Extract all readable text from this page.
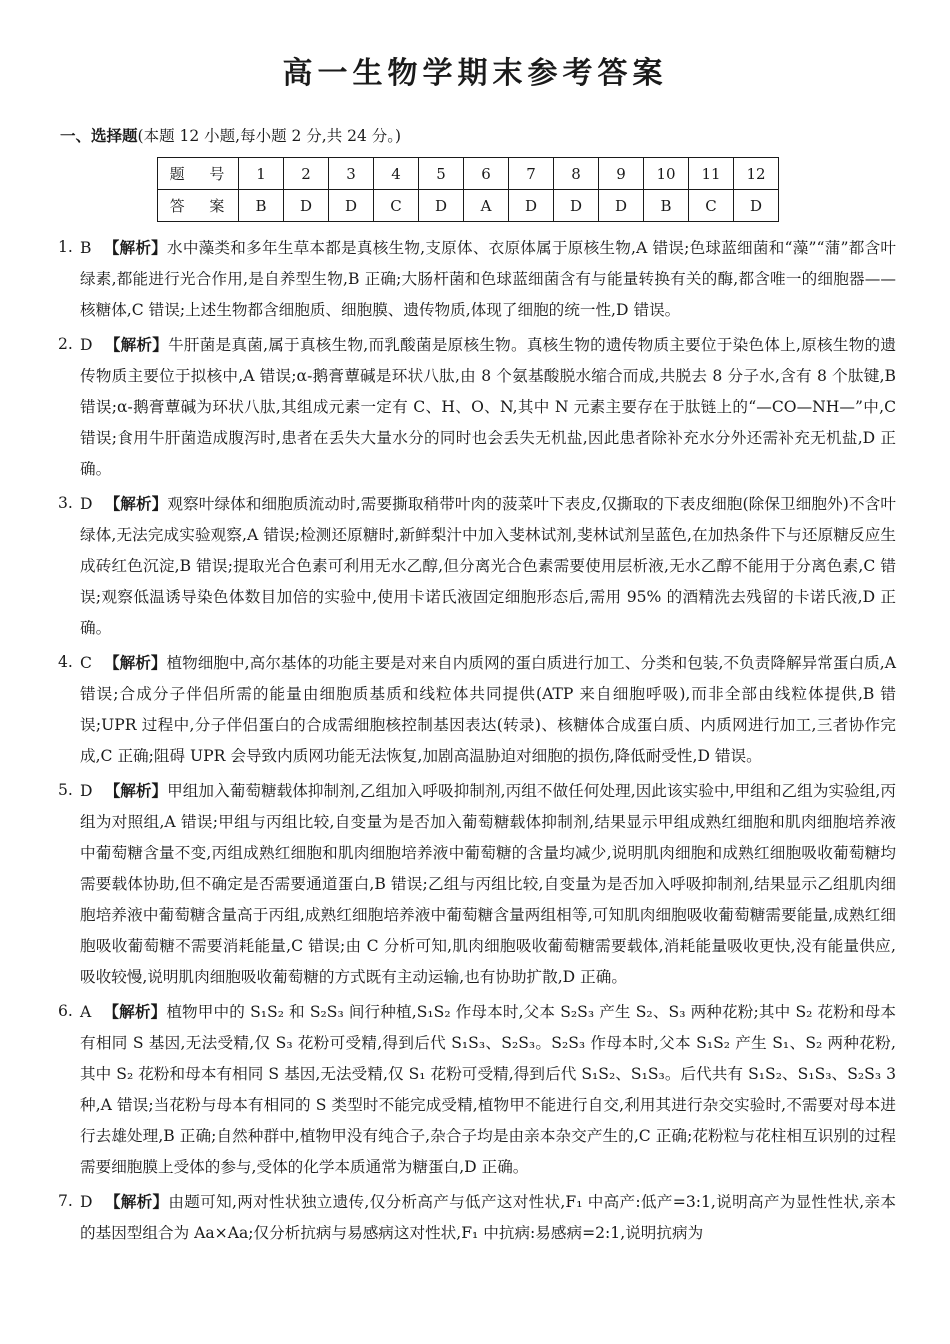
高一生物学期末参考答案
一、选择题(本题 12 小题,每小题 2 分,共 24 分。)
题 号	1	2	3	4	5	6	7	8	9	10	11	12
答 案	B	D	D	C	D	A	D	D	D	B	C	D
1. B 【解析】水中藻类和多年生草本都是真核生物,支原体、衣原体属于原核生物,A 错误;色球蓝细菌和“藻”“蒲”都含叶绿素,都能进行光合作用,是自养型生物,B 正确;大肠杆菌和色球蓝细菌含有与能量转换有关的酶,都含唯一的细胞器——核糖体,C 错误;上述生物都含细胞质、细胞膜、遗传物质,体现了细胞的统一性,D 错误。
2. D 【解析】牛肝菌是真菌,属于真核生物,而乳酸菌是原核生物。真核生物的遗传物质主要位于染色体上,原核生物的遗传物质主要位于拟核中,A 错误;α-鹅膏蕈碱是环状八肽,由 8 个氨基酸脱水缩合而成,共脱去 8 分子水,含有 8 个肽键,B 错误;α-鹅膏蕈碱为环状八肽,其组成元素一定有 C、H、O、N,其中 N 元素主要存在于肽链上的“—CO—NH—”中,C 错误;食用牛肝菌造成腹泻时,患者在丢失大量水分的同时也会丢失无机盐,因此患者除补充水分外还需补充无机盐,D 正确。
3. D 【解析】观察叶绿体和细胞质流动时,需要撕取稍带叶肉的菠菜叶下表皮,仅撕取的下表皮细胞(除保卫细胞外)不含叶绿体,无法完成实验观察,A 错误;检测还原糖时,新鲜梨汁中加入斐林试剂,斐林试剂呈蓝色,在加热条件下与还原糖反应生成砖红色沉淀,B 错误;提取光合色素可利用无水乙醇,但分离光合色素需要使用层析液,无水乙醇不能用于分离色素,C 错误;观察低温诱导染色体数目加倍的实验中,使用卡诺氏液固定细胞形态后,需用 95% 的酒精洗去残留的卡诺氏液,D 正确。
4. C 【解析】植物细胞中,高尔基体的功能主要是对来自内质网的蛋白质进行加工、分类和包装,不负责降解异常蛋白质,A 错误;合成分子伴侣所需的能量由细胞质基质和线粒体共同提供(ATP 来自细胞呼吸),而非全部由线粒体提供,B 错误;UPR 过程中,分子伴侣蛋白的合成需细胞核控制基因表达(转录)、核糖体合成蛋白质、内质网进行加工,三者协作完成,C 正确;阻碍 UPR 会导致内质网功能无法恢复,加剧高温胁迫对细胞的损伤,降低耐受性,D 错误。
5. D 【解析】甲组加入葡萄糖载体抑制剂,乙组加入呼吸抑制剂,丙组不做任何处理,因此该实验中,甲组和乙组为实验组,丙组为对照组,A 错误;甲组与丙组比较,自变量为是否加入葡萄糖载体抑制剂,结果显示甲组成熟红细胞和肌肉细胞培养液中葡萄糖含量不变,丙组成熟红细胞和肌肉细胞培养液中葡萄糖的含量均减少,说明肌肉细胞和成熟红细胞吸收葡萄糖均需要载体协助,但不确定是否需要通道蛋白,B 错误;乙组与丙组比较,自变量为是否加入呼吸抑制剂,结果显示乙组肌肉细胞培养液中葡萄糖含量高于丙组,成熟红细胞培养液中葡萄糖含量两组相等,可知肌肉细胞吸收葡萄糖需要能量,成熟红细胞吸收葡萄糖不需要消耗能量,C 错误;由 C 分析可知,肌肉细胞吸收葡萄糖需要载体,消耗能量吸收更快,没有能量供应,吸收较慢,说明肌肉细胞吸收葡萄糖的方式既有主动运输,也有协助扩散,D 正确。
6. A 【解析】植物甲中的 S₁S₂ 和 S₂S₃ 间行种植,S₁S₂ 作母本时,父本 S₂S₃ 产生 S₂、S₃ 两种花粉;其中 S₂ 花粉和母本有相同 S 基因,无法受精,仅 S₃ 花粉可受精,得到后代 S₁S₃、S₂S₃。S₂S₃ 作母本时,父本 S₁S₂ 产生 S₁、S₂ 两种花粉,其中 S₂ 花粉和母本有相同 S 基因,无法受精,仅 S₁ 花粉可受精,得到后代 S₁S₂、S₁S₃。后代共有 S₁S₂、S₁S₃、S₂S₃ 3 种,A 错误;当花粉与母本有相同的 S 类型时不能完成受精,植物甲不能进行自交,利用其进行杂交实验时,不需要对母本进行去雄处理,B 正确;自然种群中,植物甲没有纯合子,杂合子均是由亲本杂交产生的,C 正确;花粉粒与花柱相互识别的过程需要细胞膜上受体的参与,受体的化学本质通常为糖蛋白,D 正确。
7. D 【解析】由题可知,两对性状独立遗传,仅分析高产与低产这对性状,F₁ 中高产:低产=3:1,说明高产为显性性状,亲本的基因型组合为 Aa×Aa;仅分析抗病与易感病这对性状,F₁ 中抗病:易感病=2:1,说明抗病为
